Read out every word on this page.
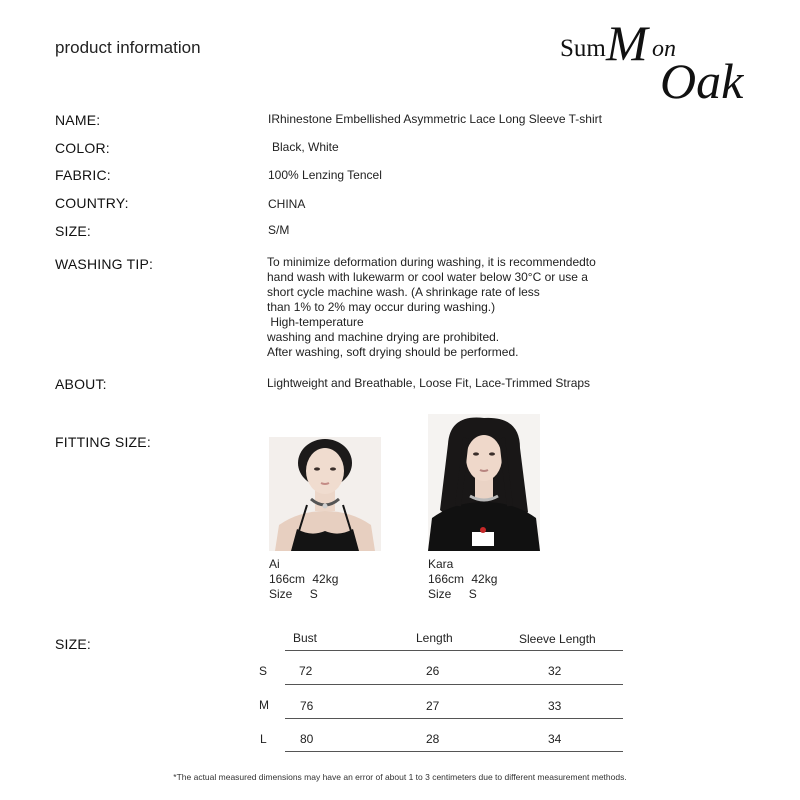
product information	Sum M on
Oak
NAME:	IRhinestone Embellished Asymmetric Lace Long Sleeve T-shirt
COLOR:	Black, White
FABRIC:	100% Lenzing Tencel
COUNTRY:	CHINA
SIZE:	S/M
WASHING TIP:	To minimize deformation during washing, it is recommendedto
hand wash with lukewarm or cool water below 30°C or use a
short cycle machine wash. (A shrinkage rate of less
than 1% to 2% may occur during washing.)
High-temperature
washing and machine drying are prohibited.
After washing, soft drying should be performed.
ABOUT:	Lightweight and Breathable, Loose Fit, Lace-Trimmed Straps
FITTING SIZE:
Ai
166cm 42kg
Size S
Kara
166cm 42kg
Size S
SIZE:	Bust	Length	Sleeve Length
S	72	26	32
M	76	27	33
L	80	28	34
*The actual measured dimensions may have an error of about 1 to 3 centimeters due to different measurement methods.
